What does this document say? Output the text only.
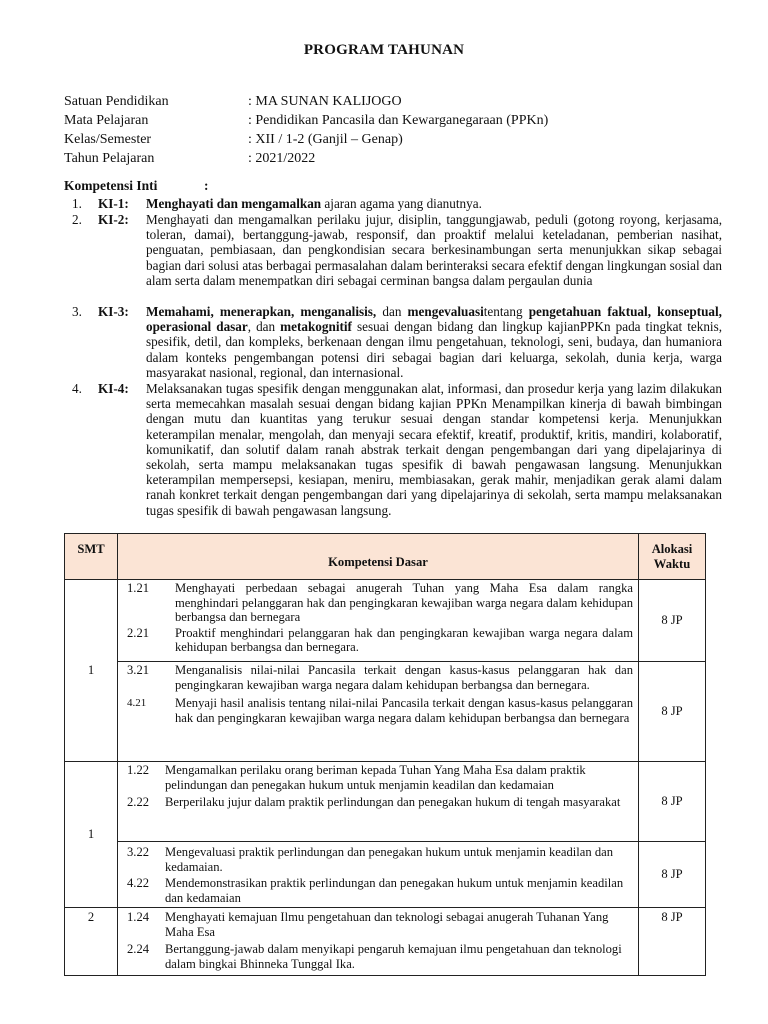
PROGRAM TAHUNAN
Satuan Pendidikan	: MA SUNAN KALIJOGO
Mata Pelajaran	: Pendidikan Pancasila dan Kewarganegaraan (PPKn)
Kelas/Semester	: XII / 1-2 (Ganjil – Genap)
Tahun Pelajaran	: 2021/2022
Kompetensi Inti	:
1. KI-1: Menghayati dan mengamalkan ajaran agama yang dianutnya.
2. KI-2: Menghayati dan mengamalkan perilaku jujur, disiplin, tanggungjawab, peduli (gotong royong, kerjasama, toleran, damai), bertanggung-jawab, responsif, dan proaktif melalui keteladanan, pemberian nasihat, penguatan, pembiasaan, dan pengkondisian secara berkesinambungan serta menunjukkan sikap sebagai bagian dari solusi atas berbagai permasalahan dalam berinteraksi secara efektif dengan lingkungan sosial dan alam serta dalam menempatkan diri sebagai cerminan bangsa dalam pergaulan dunia
3. KI-3: Memahami, menerapkan, menganalisis, dan mengevaluasitentang pengetahuan faktual, konseptual, operasional dasar, dan metakognitif sesuai dengan bidang dan lingkup kajianPPKn pada tingkat teknis, spesifik, detil, dan kompleks, berkenaan dengan ilmu pengetahuan, teknologi, seni, budaya, dan humaniora dalam konteks pengembangan potensi diri sebagai bagian dari keluarga, sekolah, dunia kerja, warga masyarakat nasional, regional, dan internasional.
4. KI-4: Melaksanakan tugas spesifik dengan menggunakan alat, informasi, dan prosedur kerja yang lazim dilakukan serta memecahkan masalah sesuai dengan bidang kajian PPKn Menampilkan kinerja di bawah bimbingan dengan mutu dan kuantitas yang terukur sesuai dengan standar kompetensi kerja. Menunjukkan keterampilan menalar, mengolah, dan menyaji secara efektif, kreatif, produktif, kritis, mandiri, kolaboratif, komunikatif, dan solutif dalam ranah abstrak terkait dengan pengembangan dari yang dipelajarinya di sekolah, serta mampu melaksanakan tugas spesifik di bawah pengawasan langsung. Menunjukkan keterampilan mempersepsi, kesiapan, meniru, membiasakan, gerak mahir, menjadikan gerak alami dalam ranah konkret terkait dengan pengembangan dari yang dipelajarinya di sekolah, serta mampu melaksanakan tugas spesifik di bawah pengawasan langsung.
SMT	Kompetensi Dasar	Alokasi Waktu
1	1.21 Menghayati perbedaan sebagai anugerah Tuhan yang Maha Esa dalam rangka menghindari pelanggaran hak dan pengingkaran kewajiban warga negara dalam kehidupan berbangsa dan bernegara
2.21 Proaktif menghindari pelanggaran hak dan pengingkaran kewajiban warga negara dalam kehidupan berbangsa dan bernegara.	8 JP

	3.21 Menganalisis nilai-nilai Pancasila terkait dengan kasus-kasus pelanggaran hak dan pengingkaran kewajiban warga negara dalam kehidupan berbangsa dan bernegara.
4.21 Menyaji hasil analisis tentang nilai-nilai Pancasila terkait dengan kasus-kasus pelanggaran hak dan pengingkaran kewajiban warga negara dalam kehidupan berbangsa dan bernegara	8 JP
1	1.22 Mengamalkan perilaku orang beriman kepada Tuhan Yang Maha Esa dalam praktik pelindungan dan penegakan hukum untuk menjamin keadilan dan kedamaian
2.22 Berperilaku jujur dalam praktik perlindungan dan penegakan hukum di tengah masyarakat	8 JP

	3.22 Mengevaluasi praktik perlindungan dan penegakan hukum untuk menjamin keadilan dan kedamaian.
4.22 Mendemonstrasikan praktik perlindungan dan penegakan hukum untuk menjamin keadilan dan kedamaian	8 JP
2	1.24 Menghayati kemajuan Ilmu pengetahuan dan teknologi sebagai anugerah Tuhanan Yang Maha Esa
2.24 Bertanggung-jawab dalam menyikapi pengaruh kemajuan ilmu pengetahuan dan teknologi dalam bingkai Bhinneka Tunggal Ika.	8 JP
